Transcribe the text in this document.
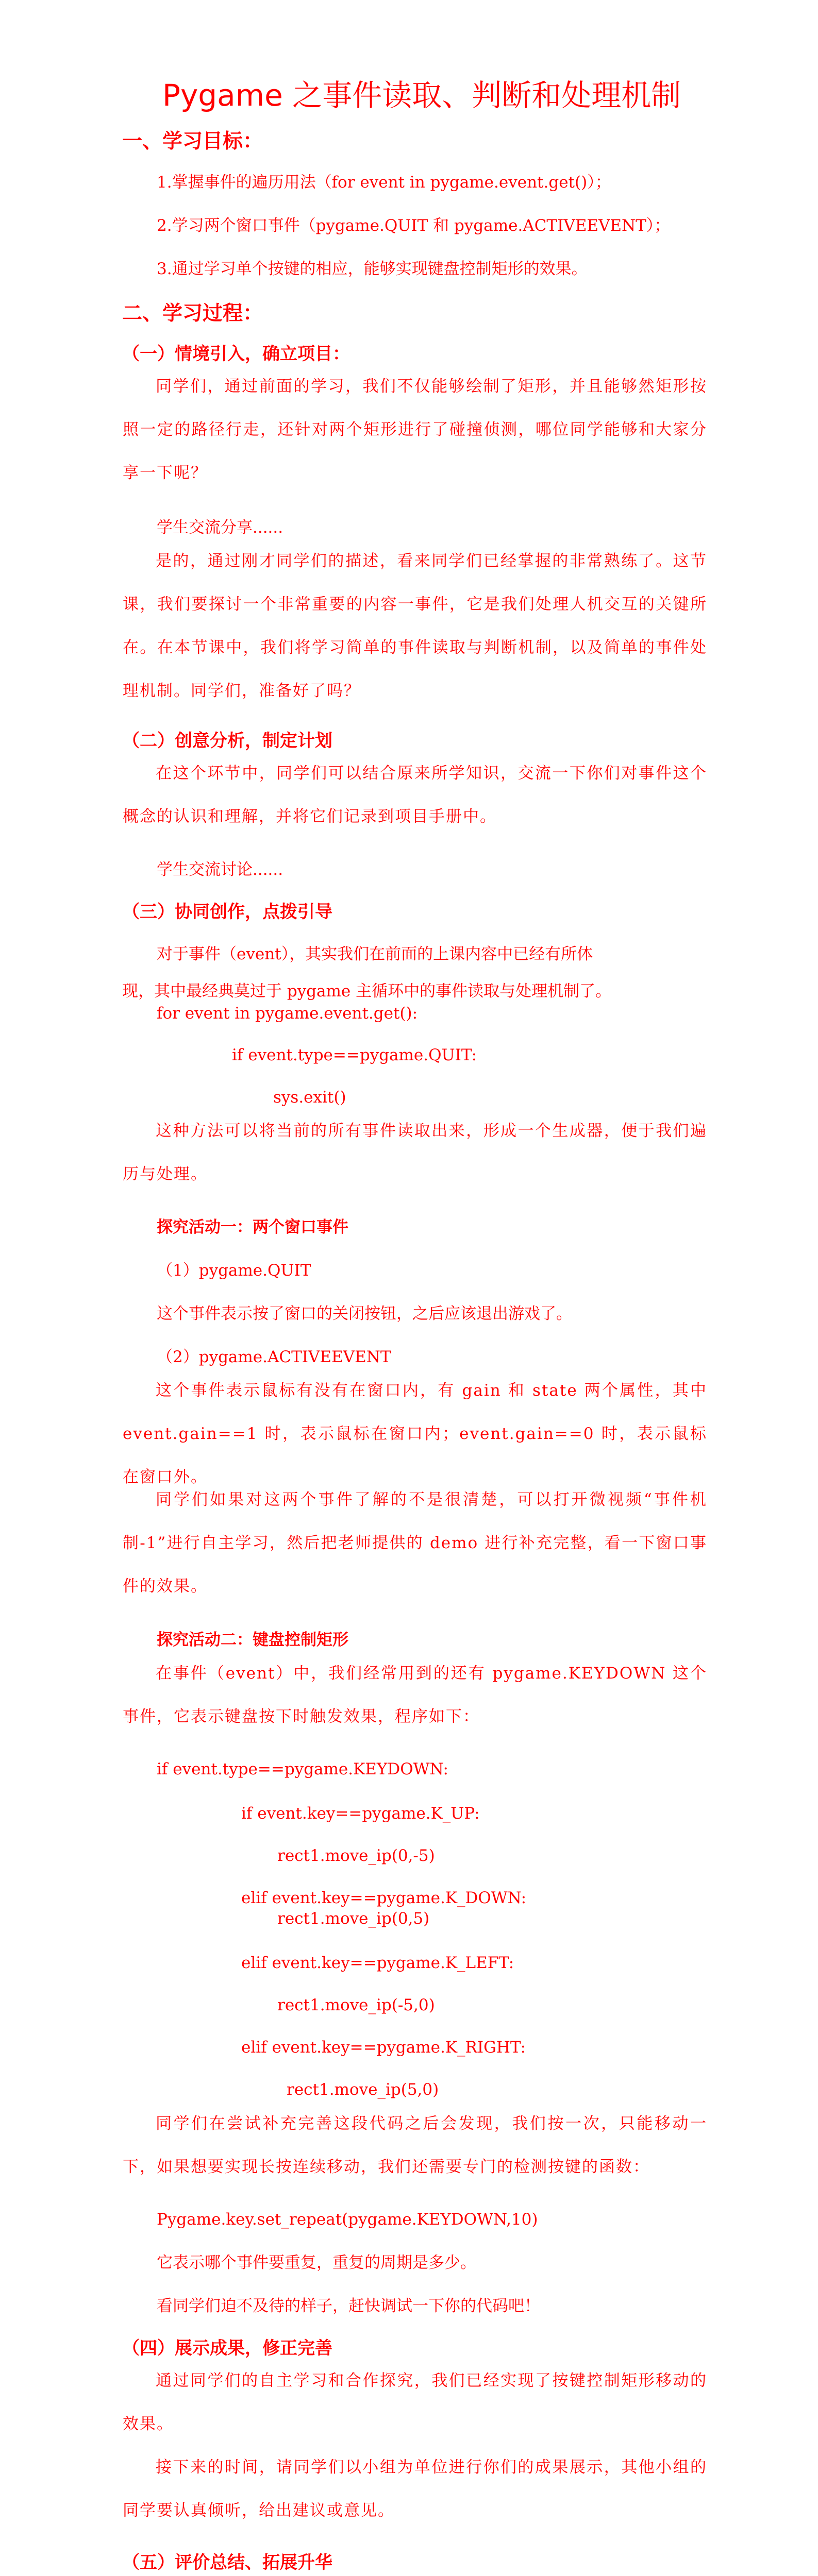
Pygame 之事件读取、判断和处理机制
一、学习目标：
1.掌握事件的遍历用法（for event in pygame.event.get()）；
2.学习两个窗口事件（pygame.QUIT 和 pygame.ACTIVEEVENT）；
3.通过学习单个按键的相应，能够实现键盘控制矩形的效果。
二、学习过程：
（一）情境引入，确立项目：

同学们，通过前面的学习，我们不仅能够绘制了矩形，并且能够然矩形按照一定的路径行走，还针对两个矩形进行了碰撞侦测，哪位同学能够和大家分享一下呢？

学生交流分享......

是的，通过刚才同学们的描述，看来同学们已经掌握的非常熟练了。这节课，我们要探讨一个非常重要的内容一事件，它是我们处理人机交互的关键所在。在本节课中，我们将学习简单的事件读取与判断机制，以及简单的事件处理机制。同学们，准备好了吗？

（二）创意分析，制定计划

在这个环节中，同学们可以结合原来所学知识，交流一下你们对事件这个概念的认识和理解，并将它们记录到项目手册中。

学生交流讨论......
（三）协同创作，点拨引导
对于事件（event），其实我们在前面的上课内容中已经有所体
现，其中最经典莫过于 pygame 主循环中的事件读取与处理机制了。
for event in pygame.event.get():
if event.type==pygame.QUIT:
sys.exit()

这种方法可以将当前的所有事件读取出来，形成一个生成器，便于我们遍历与处理。

探究活动一：两个窗口事件
（1）pygame.QUIT
这个事件表示按了窗口的关闭按钮，之后应该退出游戏了。
（2）pygame.ACTIVEEVENT

这个事件表示鼠标有没有在窗口内，有 gain 和 state 两个属性，其中 event.gain==1 时，表示鼠标在窗口内；event.gain==0 时，表示鼠标在窗口外。

同学们如果对这两个事件了解的不是很清楚，可以打开微视频“事件机制-1”进行自主学习，然后把老师提供的 demo 进行补充完整，看一下窗口事件的效果。

探究活动二：键盘控制矩形

在事件（event）中，我们经常用到的还有 pygame.KEYDOWN 这个事件，它表示键盘按下时触发效果，程序如下：

if event.type==pygame.KEYDOWN:
if event.key==pygame.K_UP:
rect1.move_ip(0,-5)
elif event.key==pygame.K_DOWN:
rect1.move_ip(0,5)
elif event.key==pygame.K_LEFT:
rect1.move_ip(-5,0)
elif event.key==pygame.K_RIGHT:
rect1.move_ip(5,0)

同学们在尝试补充完善这段代码之后会发现，我们按一次，只能移动一下，如果想要实现长按连续移动，我们还需要专门的检测按键的函数：

Pygame.key.set_repeat(pygame.KEYDOWN,10)
它表示哪个事件要重复，重复的周期是多少。
看同学们迫不及待的样子，赶快调试一下你的代码吧！
（四）展示成果，修正完善

通过同学们的自主学习和合作探究，我们已经实现了按键控制矩形移动的效果。

接下来的时间，请同学们以小组为单位进行你们的成果展示，其他小组的同学要认真倾听，给出建议或意见。

（五）评价总结、拓展升华
